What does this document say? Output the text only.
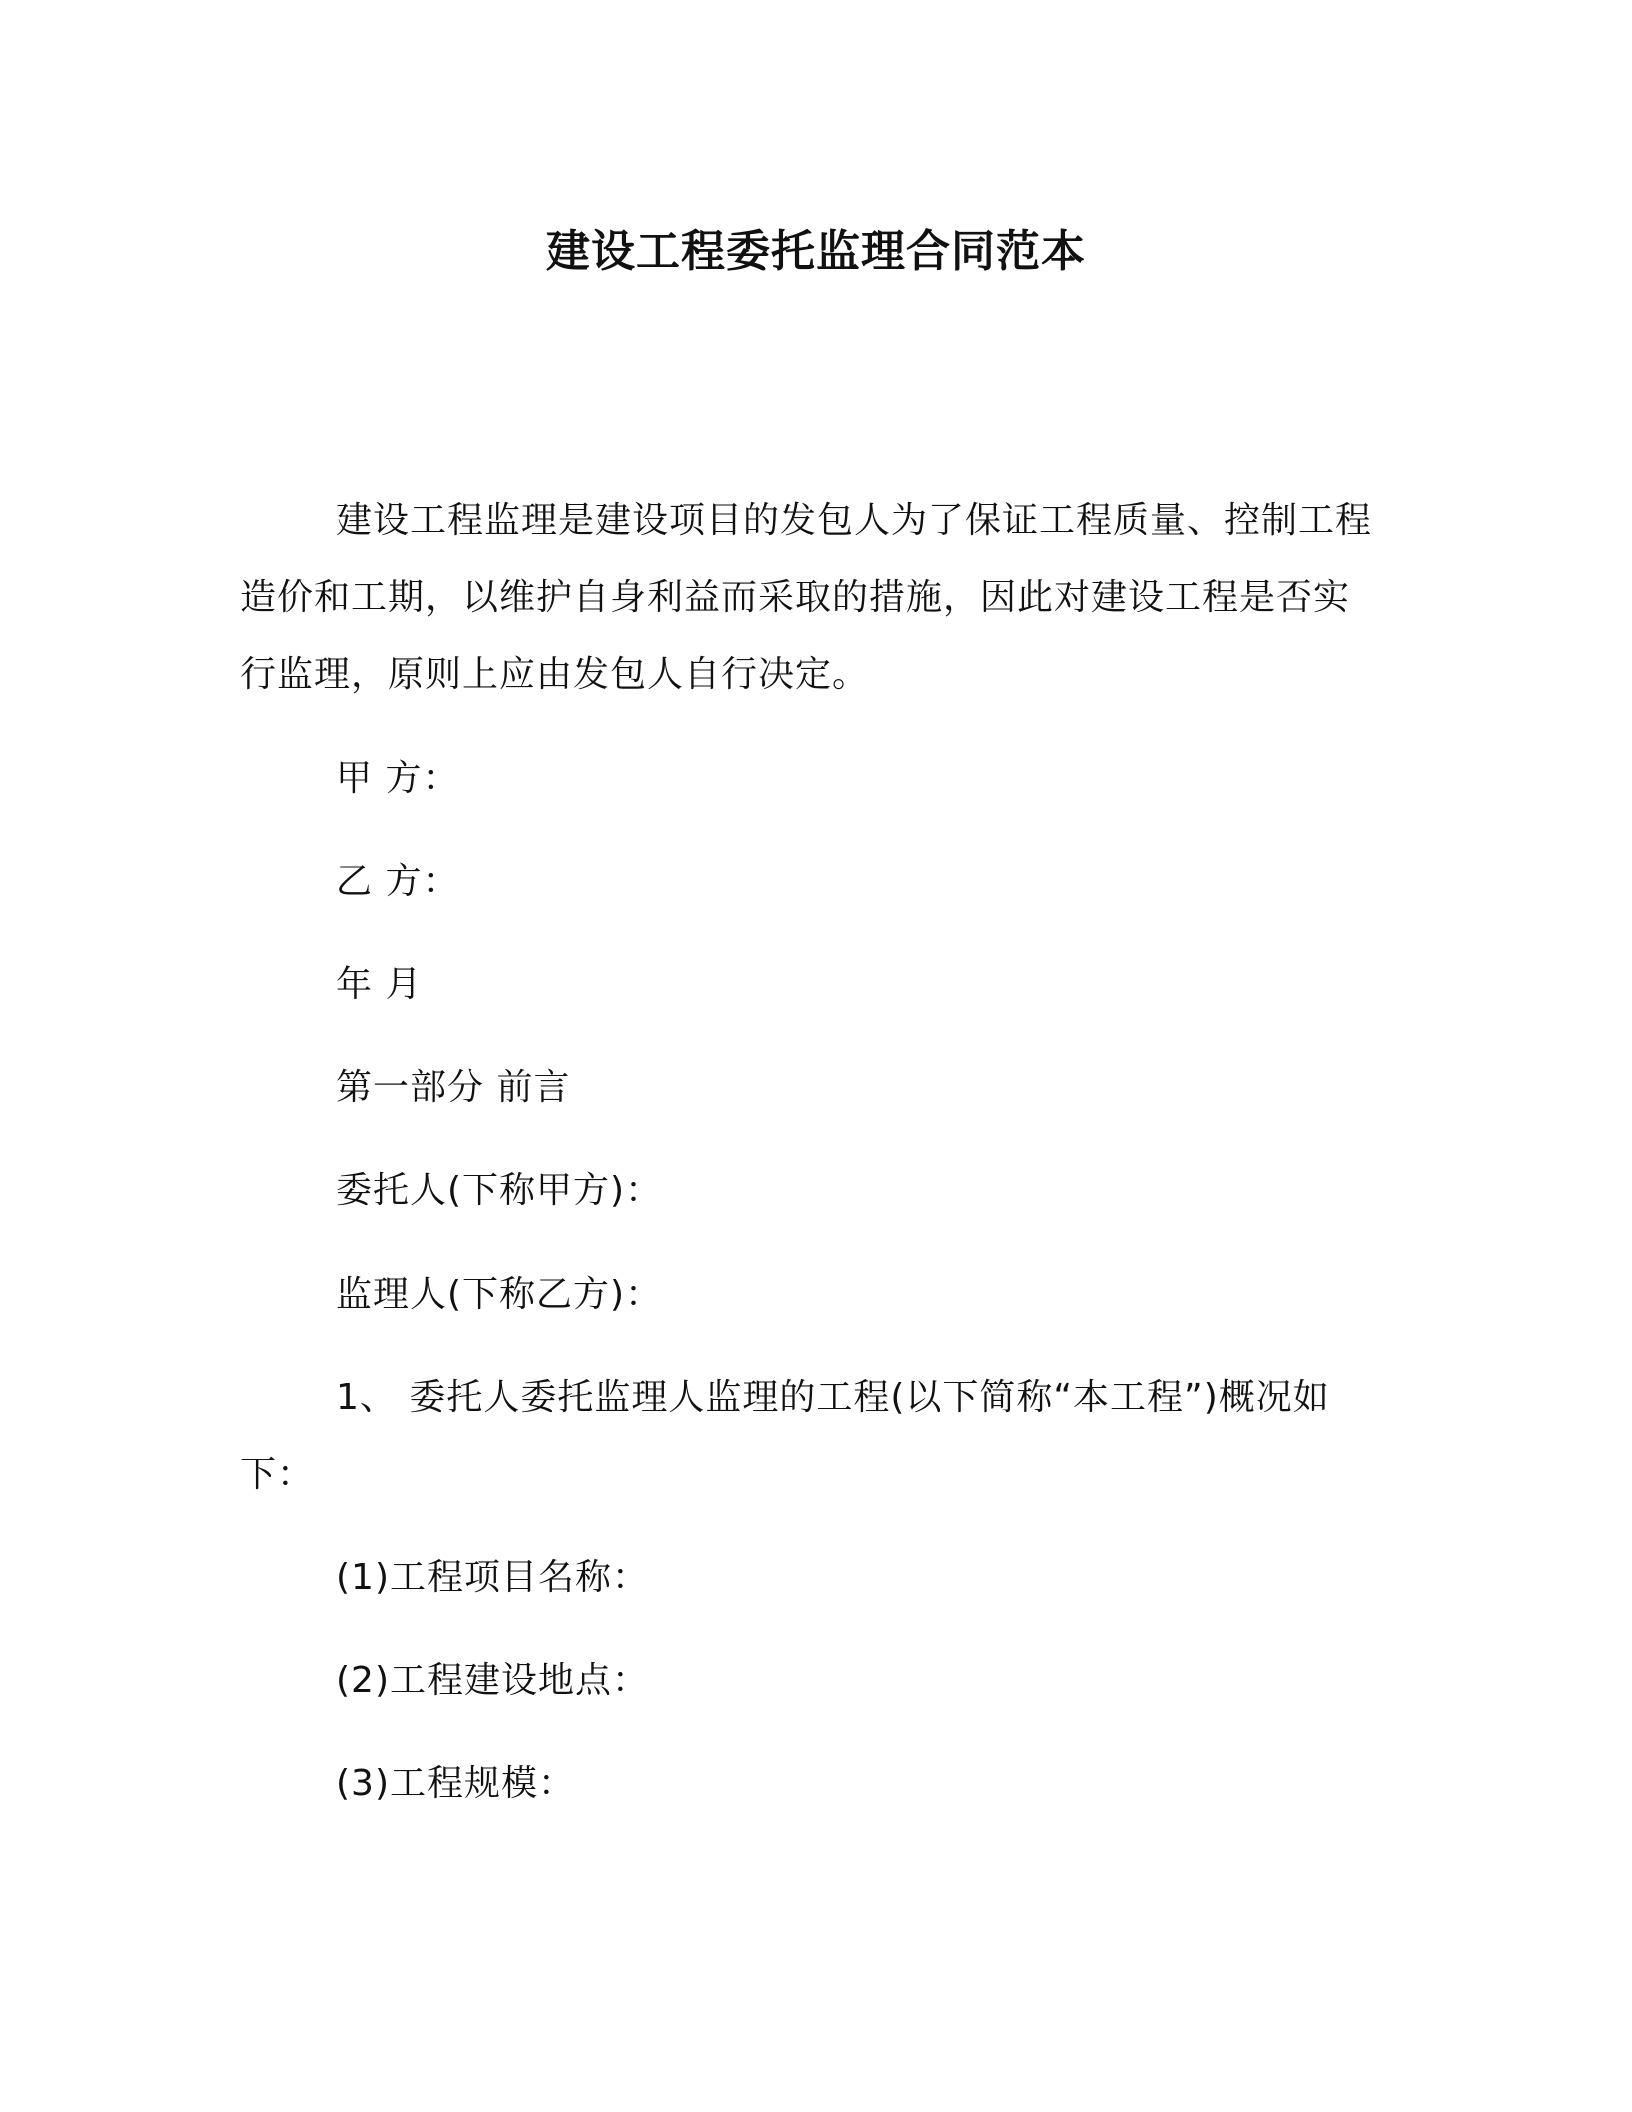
建设工程委托监理合同范本
建设工程监理是建设项目的发包人为了保证工程质量、控制工程
造价和工期，以维护自身利益而采取的措施，因此对建设工程是否实
行监理，原则上应由发包人自行决定。
甲 方：
乙 方：
年 月
第一部分 前言
委托人(下称甲方)：
监理人(下称乙方)：
1、 委托人委托监理人监理的工程(以下简称“本工程”)概况如
下：
(1)工程项目名称：
(2)工程建设地点：
(3)工程规模：
